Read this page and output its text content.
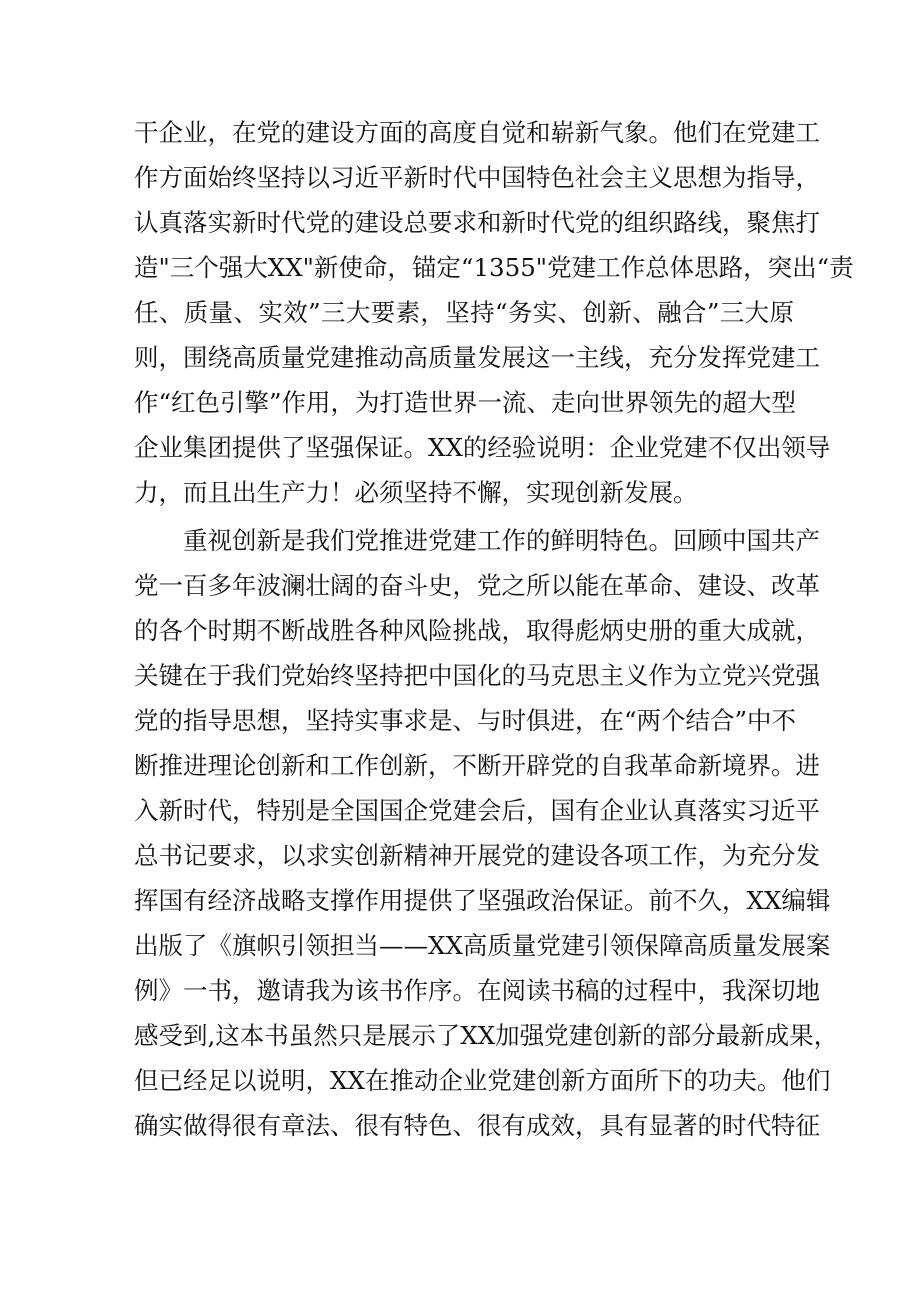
干企业，在党的建设方面的高度自觉和崭新气象。他们在党建工
作方面始终坚持以习近平新时代中国特色社会主义思想为指导，
认真落实新时代党的建设总要求和新时代党的组织路线，聚焦打
造"三个强大XX"新使命，锚定“1355"党建工作总体思路，突出“责
任、质量、实效”三大要素，坚持“务实、创新、融合”三大原
则，围绕高质量党建推动高质量发展这一主线，充分发挥党建工
作“红色引擎”作用，为打造世界一流、走向世界领先的超大型
企业集团提供了坚强保证。XX的经验说明：企业党建不仅出领导
力，而且出生产力！必须坚持不懈，实现创新发展。
重视创新是我们党推进党建工作的鲜明特色。回顾中国共产
党一百多年波澜壮阔的奋斗史，党之所以能在革命、建设、改革
的各个时期不断战胜各种风险挑战，取得彪炳史册的重大成就，
关键在于我们党始终坚持把中国化的马克思主义作为立党兴党强
党的指导思想，坚持实事求是、与时俱进，在“两个结合”中不
断推进理论创新和工作创新，不断开辟党的自我革命新境界。进
入新时代，特别是全国国企党建会后，国有企业认真落实习近平
总书记要求，以求实创新精神开展党的建设各项工作，为充分发
挥国有经济战略支撑作用提供了坚强政治保证。前不久，XX编辑
出版了《旗帜引领担当——XX高质量党建引领保障高质量发展案
例》一书，邀请我为该书作序。在阅读书稿的过程中，我深切地
感受到,这本书虽然只是展示了XX加强党建创新的部分最新成果，
但已经足以说明，XX在推动企业党建创新方面所下的功夫。他们
确实做得很有章法、很有特色、很有成效，具有显著的时代特征
